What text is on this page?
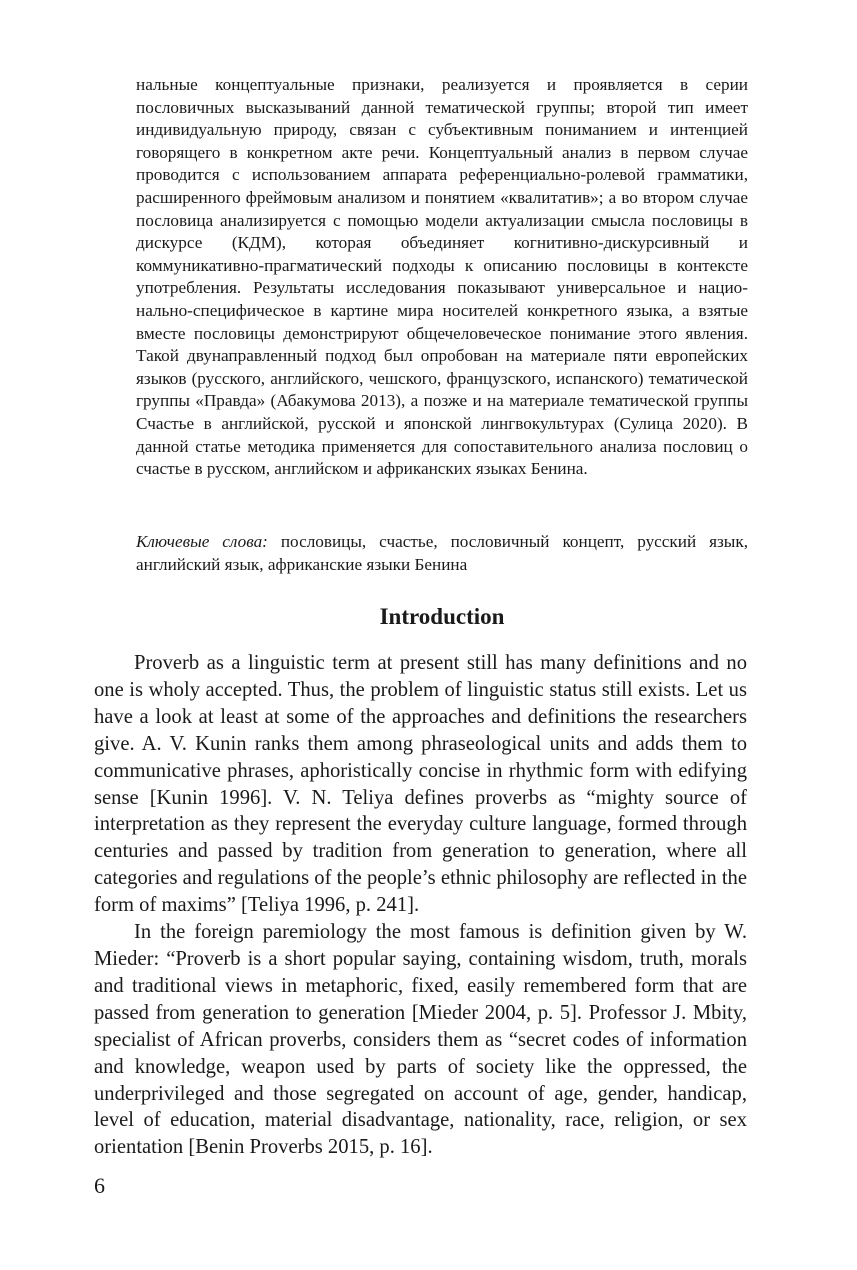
нальные концептуальные признаки, реализуется и проявляется в серии пословичных высказываний данной тематической группы; второй тип имеет индивидуальную природу, связан с субъективным пониманием и интенцией говорящего в конкретном акте речи. Концептуальный анализ в первом случае проводится с использованием аппарата референциально-ролевой грамматики, расширенного фреймовым анализом и понятием «квалитатив»; а во втором случае пословица анализируется с помощью модели актуализации смысла пословицы в дискурсе (КДМ), которая объединяет когнитивно-дискурсивный и коммуникативно-прагматический подходы к описанию пословицы в контексте употребления. Результаты исследования показывают универсальное и национально-специфическое в картине мира носителей конкретного языка, а взятые вместе пословицы демонстрируют общечеловеческое понимание этого явления. Такой двунаправленный подход был опробован на материале пяти европейских языков (русского, английского, чешского, французского, испанского) тематической группы «Правда» (Абакумова 2013), а позже и на материале тематической группы Счастье в английской, русской и японской лингвокультурах (Сулица 2020). В данной статье методика применяется для сопоставительного анализа пословиц о счастье в русском, английском и африканских языках Бенина.

Ключевые слова: пословицы, счастье, пословичный концепт, русский язык, английский язык, африканские языки Бенина

Introduction

Proverb as a linguistic term at present still has many definitions and no one is wholy accepted. Thus, the problem of linguistic status still exists. Let us have a look at least at some of the approaches and definitions the researchers give. A. V. Kunin ranks them among phraseological units and adds them to communicative phrases, aphoristically concise in rhythmic form with edifying sense [Kunin 1996]. V. N. Teliya defines proverbs as “mighty source of interpretation as they represent the everyday culture language, formed through centuries and passed by tradition from generation to generation, where all categories and regulations of the people’s ethnic philosophy are reflected in the form of maxims” [Teliya 1996, p. 241].

In the foreign paremiology the most famous is definition given by W. Mieder: “Proverb is a short popular saying, containing wisdom, truth, morals and traditional views in metaphoric, fixed, easily remembered form that are passed from generation to generation [Mieder 2004, p. 5]. Professor J. Mbity, specialist of African proverbs, considers them as “secret codes of information and knowledge, weapon used by parts of society like the oppressed, the underprivileged and those segregated on account of age, gender, handicap, level of education, material disadvantage, nationality, race, religion, or sex orientation [Benin Proverbs 2015, p. 16].

6
